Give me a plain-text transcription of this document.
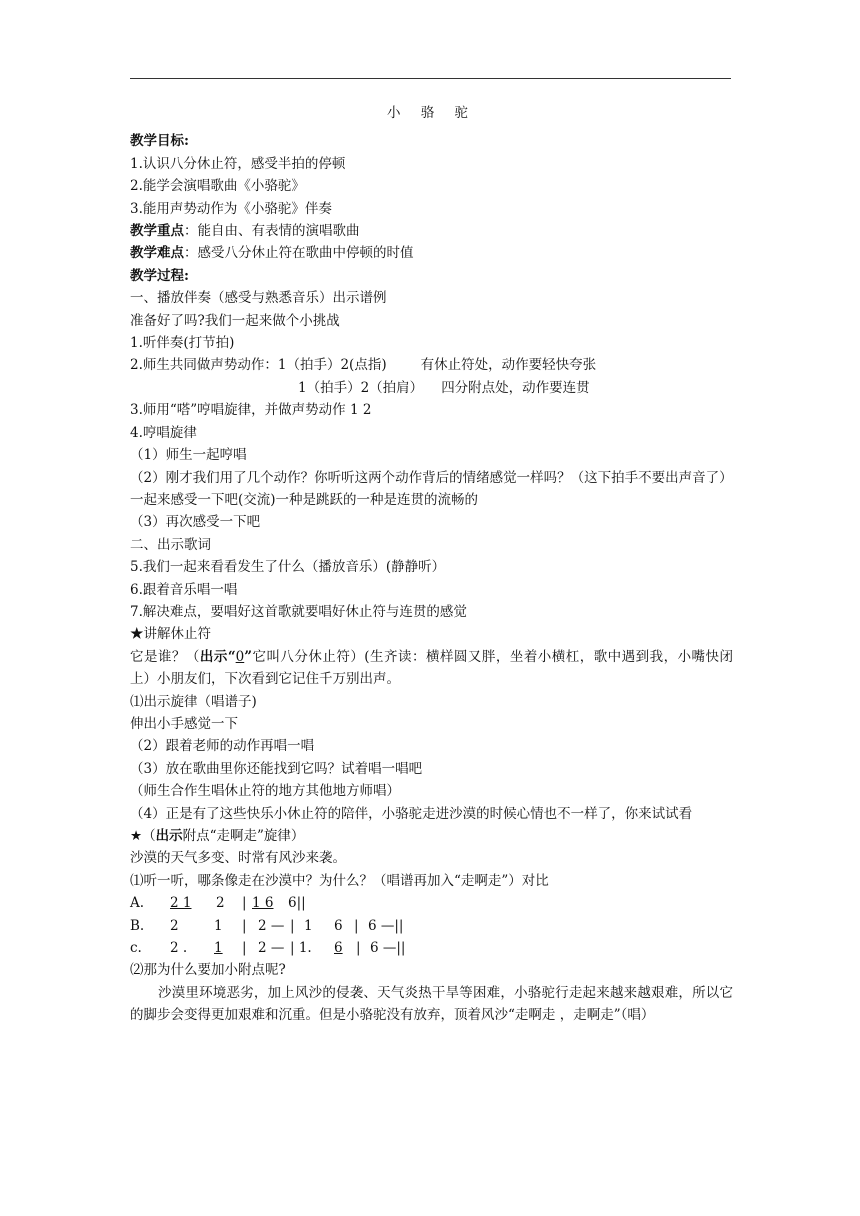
小 骆 驼
教学目标:
1.认识八分休止符，感受半拍的停顿
2.能学会演唱歌曲《小骆驼》
3.能用声势动作为《小骆驼》伴奏
教学重点：能自由、有表情的演唱歌曲
教学难点：感受八分休止符在歌曲中停顿的时值
教学过程:
一、播放伴奏（感受与熟悉音乐）出示谱例
准备好了吗?我们一起来做个小挑战
1.听伴奏(打节拍)
2.师生共同做声势动作：1（拍手）2(点指)	有休止符处，动作要轻快夸张
1（拍手）2（拍肩） 四分附点处，动作要连贯
3.师用“嗒”哼唱旋律，并做声势动作 1 2
4.哼唱旋律
（1）师生一起哼唱
（2）刚才我们用了几个动作？你听听这两个动作背后的情绪感觉一样吗？（这下拍手不要出声音了）
一起来感受一下吧(交流)一种是跳跃的一种是连贯的流畅的
（3）再次感受一下吧
二、出示歌词
5.我们一起来看看发生了什么（播放音乐）(静静听）
6.跟着音乐唱一唱
7.解决难点，要唱好这首歌就要唱好休止符与连贯的感觉
★讲解休止符
它是谁？（出示“0”它叫八分休止符）(生齐读：横样圆又胖，坐着小横杠，歌中遇到我，小嘴快闭上）小朋友们，下次看到它记住千万别出声。
⑴出示旋律（唱谱子)
伸出小手感觉一下
（2）跟着老师的动作再唱一唱
（3）放在歌曲里你还能找到它吗？试着唱一唱吧
（师生合作生唱休止符的地方其他地方师唱）
（4）正是有了这些快乐小休止符的陪伴，小骆驼走进沙漠的时候心情也不一样了，你来试试看
★（出示附点“走啊走”旋律）
沙漠的天气多变、时常有风沙来袭。
⑴听一听，哪条像走在沙漠中？为什么？（唱谱再加入“走啊走”）对比
A. 2 1 2 | 1 6 6||
B. 2	1 | 2 — | 1 6 | 6 —||
c. 2 . 1 | 2 — | 1. 6 | 6 —||
⑵那为什么要加小附点呢?
沙漠里环境恶劣，加上风沙的侵袭、天气炎热干旱等困难，小骆驼行走起来越来越艰难，所以它的脚步会变得更加艰难和沉重。但是小骆驼没有放弃，顶着风沙“走啊走 ，走啊走”（唱）
